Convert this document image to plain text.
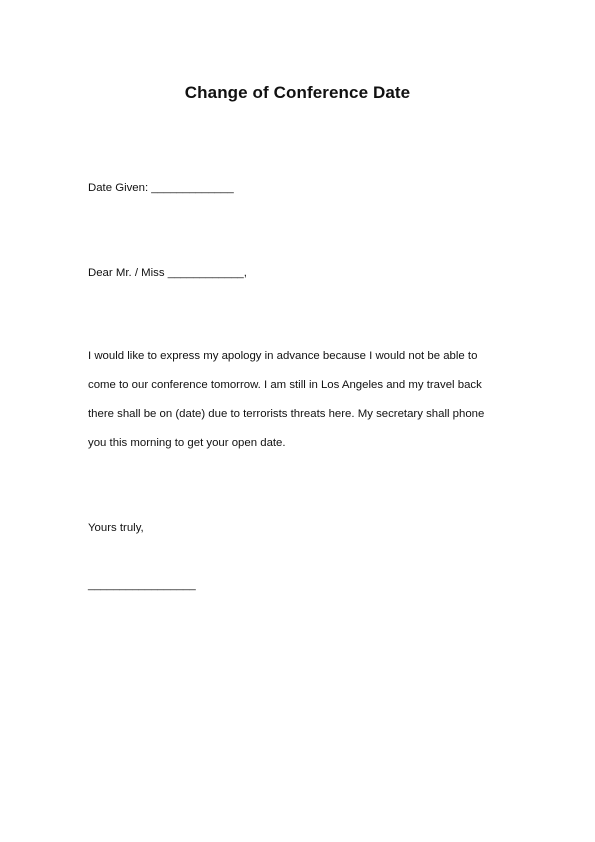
Change of Conference Date
Date Given: _____________
Dear Mr. / Miss ____________,
I would like to express my apology in advance because I would not be able to
come to our conference tomorrow. I am still in Los Angeles and my travel back
there shall be on (date) due to terrorists threats here. My secretary shall phone
you this morning to get your open date.
Yours truly,
_________________
